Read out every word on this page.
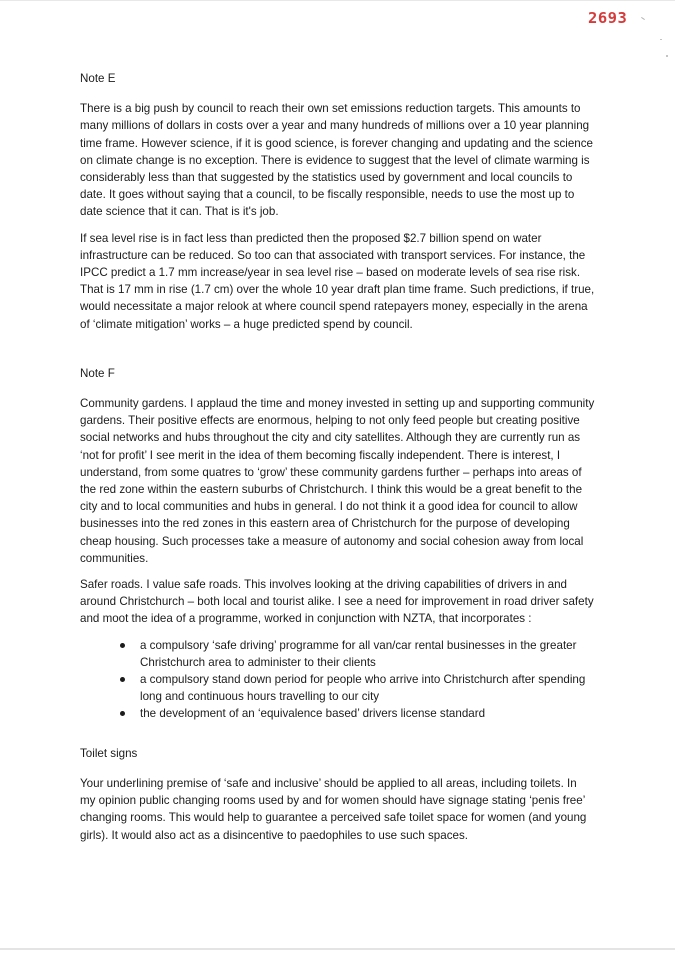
2693

Note E

There is a big push by council to reach their own set emissions reduction targets. This amounts to many millions of dollars in costs over a year and many hundreds of millions over a 10 year planning time frame. However science, if it is good science, is forever changing and updating and the science on climate change is no exception. There is evidence to suggest that the level of climate warming is considerably less than that suggested by the statistics used by government and local councils to date. It goes without saying that a council, to be fiscally responsible, needs to use the most up to date science that it can. That is it's job.

If sea level rise is in fact less than predicted then the proposed $2.7 billion spend on water infrastructure can be reduced. So too can that associated with transport services. For instance, the IPCC predict a 1.7 mm increase/year in sea level rise – based on moderate levels of sea rise risk. That is 17 mm in rise (1.7 cm) over the whole 10 year draft plan time frame. Such predictions, if true, would necessitate a major relook at where council spend ratepayers money, especially in the arena of ‘climate mitigation’ works – a huge predicted spend by council.

Note F

Community gardens. I applaud the time and money invested in setting up and supporting community gardens. Their positive effects are enormous, helping to not only feed people but creating positive social networks and hubs throughout the city and city satellites. Although they are currently run as ‘not for profit’ I see merit in the idea of them becoming fiscally independent. There is interest, I understand, from some quatres to ‘grow’ these community gardens further – perhaps into areas of the red zone within the eastern suburbs of Christchurch. I think this would be a great benefit to the city and to local communities and hubs in general. I do not think it a good idea for council to allow businesses into the red zones in this eastern area of Christchurch for the purpose of developing cheap housing. Such processes take a measure of autonomy and social cohesion away from local communities.

Safer roads. I value safe roads. This involves looking at the driving capabilities of drivers in and around Christchurch – both local and tourist alike. I see a need for improvement in road driver safety and moot the idea of a programme, worked in conjunction with NZTA, that incorporates :

a compulsory ‘safe driving’ programme for all van/car rental businesses in the greater Christchurch area to administer to their clients
a compulsory stand down period for people who arrive into Christchurch after spending long and continuous hours travelling to our city
the development of an ‘equivalence based’ drivers license standard

Toilet signs

Your underlining premise of ‘safe and inclusive’ should be applied to all areas, including toilets. In my opinion public changing rooms used by and for women should have signage stating ‘penis free’ changing rooms. This would help to guarantee a perceived safe toilet space for women (and young girls). It would also act as a disincentive to paedophiles to use such spaces.
